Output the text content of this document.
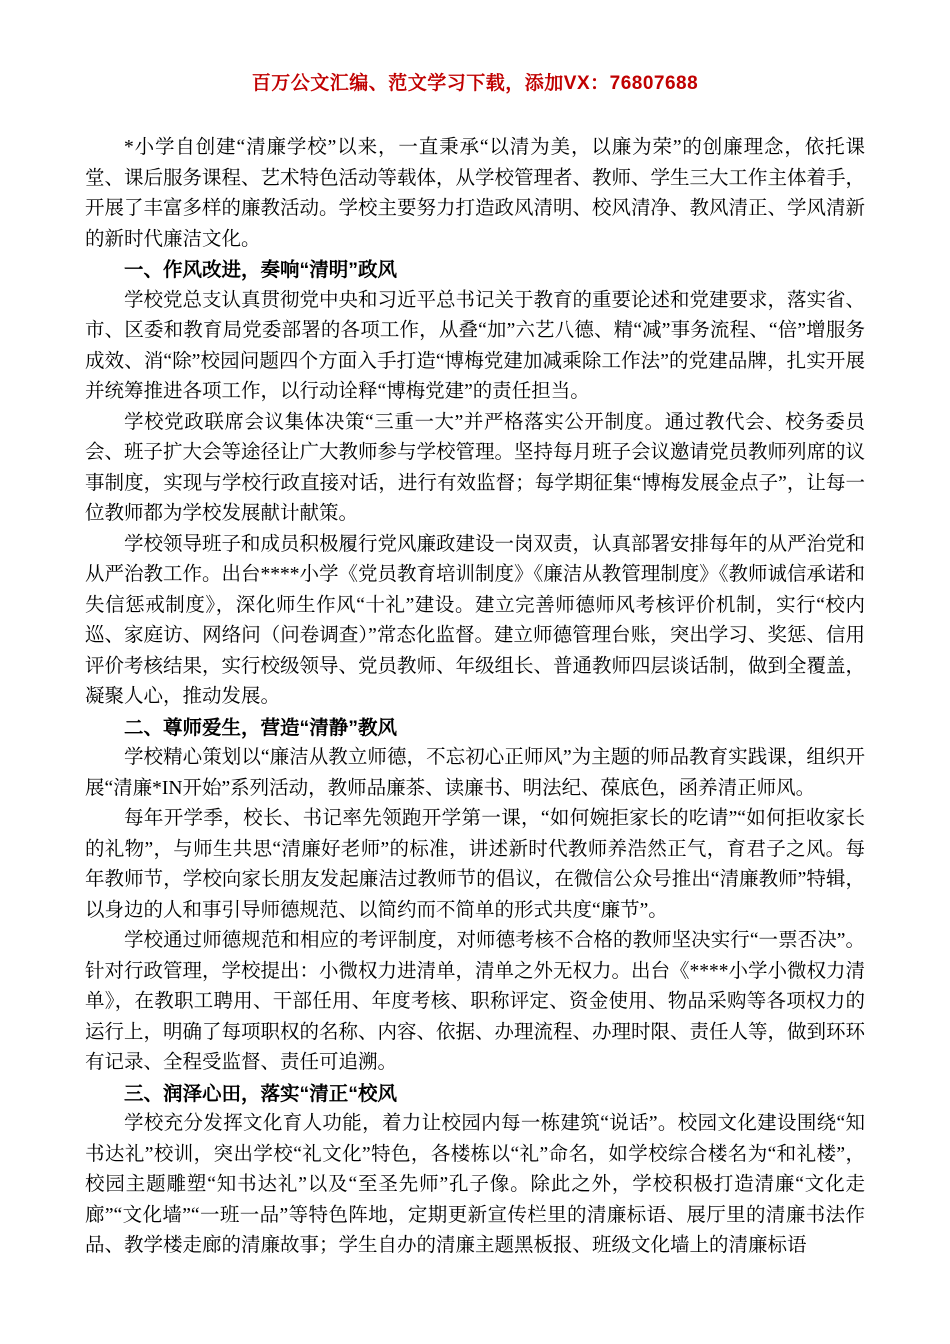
百万公文汇编、范文学习下载，添加VX：76807688

*小学自创建“清廉学校”以来，一直秉承“以清为美，以廉为荣”的创廉理念，依托课堂、课后服务课程、艺术特色活动等载体，从学校管理者、教师、学生三大工作主体着手，开展了丰富多样的廉教活动。学校主要努力打造政风清明、校风清净、教风清正、学风清新的新时代廉洁文化。

一、作风改进，奏响“清明”政风

学校党总支认真贯彻党中央和习近平总书记关于教育的重要论述和党建要求，落实省、市、区委和教育局党委部署的各项工作，从叠“加”六艺八德、精“减”事务流程、“倍”增服务成效、消“除”校园问题四个方面入手打造“博梅党建加减乘除工作法”的党建品牌，扎实开展并统筹推进各项工作，以行动诠释“博梅党建”的责任担当。

学校党政联席会议集体决策“三重一大”并严格落实公开制度。通过教代会、校务委员会、班子扩大会等途径让广大教师参与学校管理。坚持每月班子会议邀请党员教师列席的议事制度，实现与学校行政直接对话，进行有效监督；每学期征集“博梅发展金点子”，让每一位教师都为学校发展献计献策。

学校领导班子和成员积极履行党风廉政建设一岗双责，认真部署安排每年的从严治党和从严治教工作。出台****小学《党员教育培训制度》《廉洁从教管理制度》《教师诚信承诺和失信惩戒制度》，深化师生作风“十礼”建设。建立完善师德师风考核评价机制，实行“校内巡、家庭访、网络问（问卷调查）”常态化监督。建立师德管理台账，突出学习、奖惩、信用评价考核结果，实行校级领导、党员教师、年级组长、普通教师四层谈话制，做到全覆盖，凝聚人心，推动发展。

二、尊师爱生，营造“清静”教风

学校精心策划以“廉洁从教立师德，不忘初心正师风”为主题的师品教育实践课，组织开展“清廉*IN开始”系列活动，教师品廉茶、读廉书、明法纪、葆底色，函养清正师风。

每年开学季，校长、书记率先领跑开学第一课，“如何婉拒家长的吃请”“如何拒收家长的礼物”，与师生共思“清廉好老师”的标准，讲述新时代教师养浩然正气，育君子之风。每年教师节，学校向家长朋友发起廉洁过教师节的倡议，在微信公众号推出“清廉教师”特辑，以身边的人和事引导师德规范、以简约而不简单的形式共度“廉节”。

学校通过师德规范和相应的考评制度，对师德考核不合格的教师坚决实行“一票否决”。针对行政管理，学校提出：小微权力进清单，清单之外无权力。出台《****小学小微权力清单》，在教职工聘用、干部任用、年度考核、职称评定、资金使用、物品采购等各项权力的运行上，明确了每项职权的名称、内容、依据、办理流程、办理时限、责任人等，做到环环有记录、全程受监督、责任可追溯。

三、润泽心田，落实“清正“校风

学校充分发挥文化育人功能，着力让校园内每一栋建筑“说话”。校园文化建设围绕“知书达礼”校训，突出学校“礼文化”特色，各楼栋以“礼”命名，如学校综合楼名为“和礼楼”，校园主题雕塑“知书达礼”以及“至圣先师”孔子像。除此之外，学校积极打造清廉“文化走廊”“文化墙”“一班一品”等特色阵地，定期更新宣传栏里的清廉标语、展厅里的清廉书法作品、教学楼走廊的清廉故事；学生自办的清廉主题黑板报、班级文化墙上的清廉标语
